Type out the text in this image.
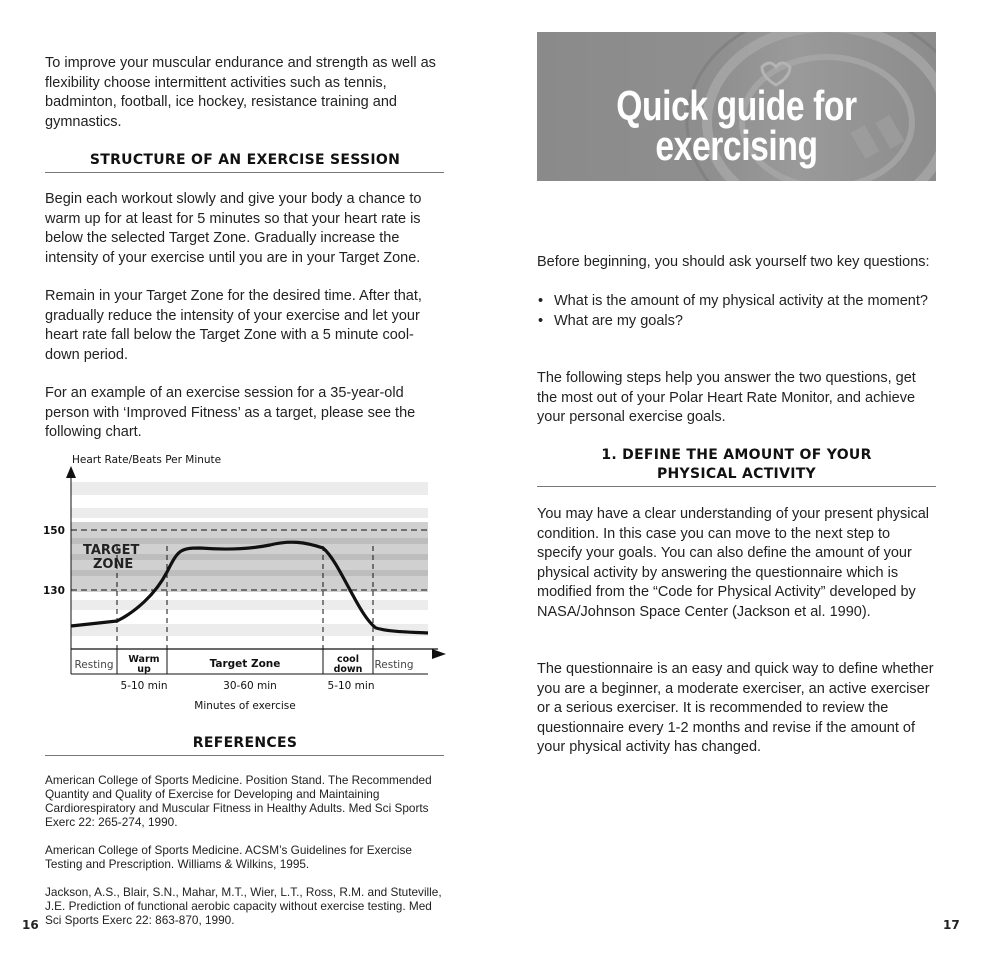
To improve your muscular endurance and strength as well as flexibility choose intermittent activities such as tennis, badminton, football, ice hockey, resistance training and gymnastics.

STRUCTURE OF AN EXERCISE SESSION

Begin each workout slowly and give your body a chance to warm up for at least for 5 minutes so that your heart rate is below the selected Target Zone. Gradually increase the intensity of your exercise until you are in your Target Zone.

Remain in your Target Zone for the desired time. After that, gradually reduce the intensity of your exercise and let your heart rate fall below the Target Zone with a 5 minute cool-down period.

For an example of an exercise session for a 35-year-old person with ‘Improved Fitness’ as a target, please see the following chart.

Heart Rate/Beats Per Minute
150
130
TARGET
ZONE
Resting Warm
up	Target Zone	cool
down Resting
5-10 min	30-60 min	5-10 min
Minutes of exercise
REFERENCES

American College of Sports Medicine. Position Stand. The Recommended Quantity and Quality of Exercise for Developing and Maintaining Cardiorespiratory and Muscular Fitness in Healthy Adults. Med Sci Sports Exerc 22: 265-274, 1990.

American College of Sports Medicine. ACSM’s Guidelines for Exercise Testing and Prescription. Williams & Wilkins, 1995.

Jackson, A.S., Blair, S.N., Mahar, M.T., Wier, L.T., Ross, R.M. and Stuteville, J.E. Prediction of functional aerobic capacity without exercise testing. Med Sci Sports Exerc 22: 863-870, 1990.

16
Quick guide for
exercising

Before beginning, you should ask yourself two key questions:

• What is the amount of my physical activity at the moment?
• What are my goals?

The following steps help you answer the two questions, get the most out of your Polar Heart Rate Monitor, and achieve your personal exercise goals.

1. DEFINE THE AMOUNT OF YOUR
PHYSICAL ACTIVITY

You may have a clear understanding of your present physical condition. In this case you can move to the next step to specify your goals. You can also define the amount of your physical activity by answering the questionnaire which is modified from the “Code for Physical Activity” developed by NASA/Johnson Space Center (Jackson et al. 1990).

The questionnaire is an easy and quick way to define whether you are a beginner, a moderate exerciser, an active exerciser or a serious exerciser. It is recommended to review the questionnaire every 1-2 months and revise if the amount of your physical activity has changed.

17
